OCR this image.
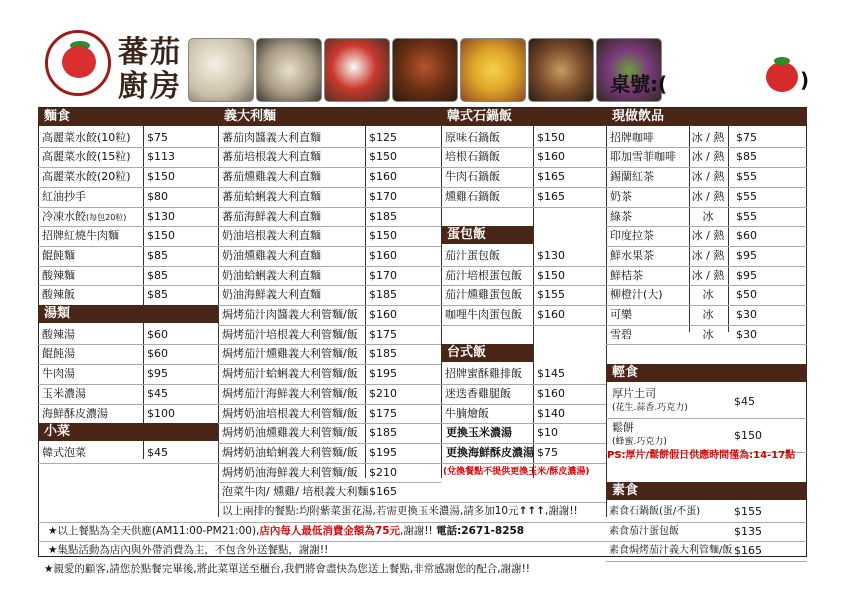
蕃茄
廚房	桌號:(	)
麵食
高麗菜水餃(10粒) $75
高麗菜水餃(15粒) $113
高麗菜水餃(20粒) $150
紅油抄手	$80
冷凍水餃(每包20粒) $130
招牌紅燒牛肉麵	$150
餛飩麵	$85
酸辣麵	$85
酸辣飯	$85
湯類
酸辣湯	$60
餛飩湯	$60
牛肉湯	$95
玉米濃湯	$45
海鮮酥皮濃湯	$100
小菜
韓式泡菜	$45
義大利麵
蕃茄肉醬義大利直麵	$125
蕃茄培根義大利直麵	$150
蕃茄燻雞義大利直麵	$160
蕃茄蛤蜊義大利直麵	$170
蕃茄海鮮義大利直麵	$185
奶油培根義大利直麵	$150
奶油燻雞義大利直麵	$160
奶油蛤蜊義大利直麵	$170
奶油海鮮義大利直麵	$185
焗烤茄汁肉醬義大利管麵/飯 $160
焗烤茄汁培根義大利管麵/飯 $175
焗烤茄汁燻雞義大利管麵/飯 $185
焗烤茄汁蛤蜊義大利管麵/飯 $195
焗烤茄汁海鮮義大利管麵/飯 $210
焗烤奶油培根義大利管麵/飯 $175
焗烤奶油燻雞義大利管麵/飯 $185
焗烤奶油蛤蜊義大利管麵/飯 $195
焗烤奶油海鮮義大利管麵/飯 $210
泡菜牛肉/ 燻雞/ 培根義大利麵 $165
韓式石鍋飯
原味石鍋飯	$150
培根石鍋飯	$160
牛肉石鍋飯	$165
燻雞石鍋飯	$165
蛋包飯
茄汁蛋包飯	$130
茄汁培根蛋包飯 $150
茄汁燻雞蛋包飯 $155
咖哩牛肉蛋包飯 $160
台式飯
招牌蜜酥雞排飯 $145
迷迭香雞腿飯 $160
牛腩燴飯	$140
更換玉米濃湯 $10
更換海鮮酥皮濃湯 $75
(兌換餐點不提供更換玉米/酥皮濃湯)
現做飲品
招牌咖啡	冰 / 熱	$75
耶加雪菲咖啡	冰 / 熱	$85
錫蘭紅茶	冰 / 熱	$55
奶茶	冰 / 熱	$55
綠茶	冰	$55
印度拉茶	冰 / 熱	$60
鮮水果茶	冰 / 熱	$95
鮮桔茶	冰 / 熱	$95
柳橙汁(大)	冰	$50
可樂	冰	$30
雪碧	冰	$30
輕食
厚片土司
(花生.蒜香.巧克力)	$45
鬆餅
(蜂蜜.巧克力)	$150
PS:厚片/鬆餅假日供應時間僅為:14-17點
素食
以上兩排的餐點:均附紫菜蛋花湯,若需更換玉米濃湯,請多加10元↑↑↑,謝謝!!	素食石鍋飯(蛋/不蛋)	$155
素食茄汁蛋包飯	$135
素食焗烤茄汁義大利管麵/飯 $165
★以上餐點為全天供應(AM11:00-PM21:00),店內每人最低消費金額為75元,謝謝!! 電話:2671-8258
★集點活動為店內與外帶消費為主，不包含外送餐點，謝謝!!
★親愛的顧客,請您於點餐完畢後,將此菜單送至櫃台,我們將會盡快為您送上餐點,非常感謝您的配合,謝謝!!
